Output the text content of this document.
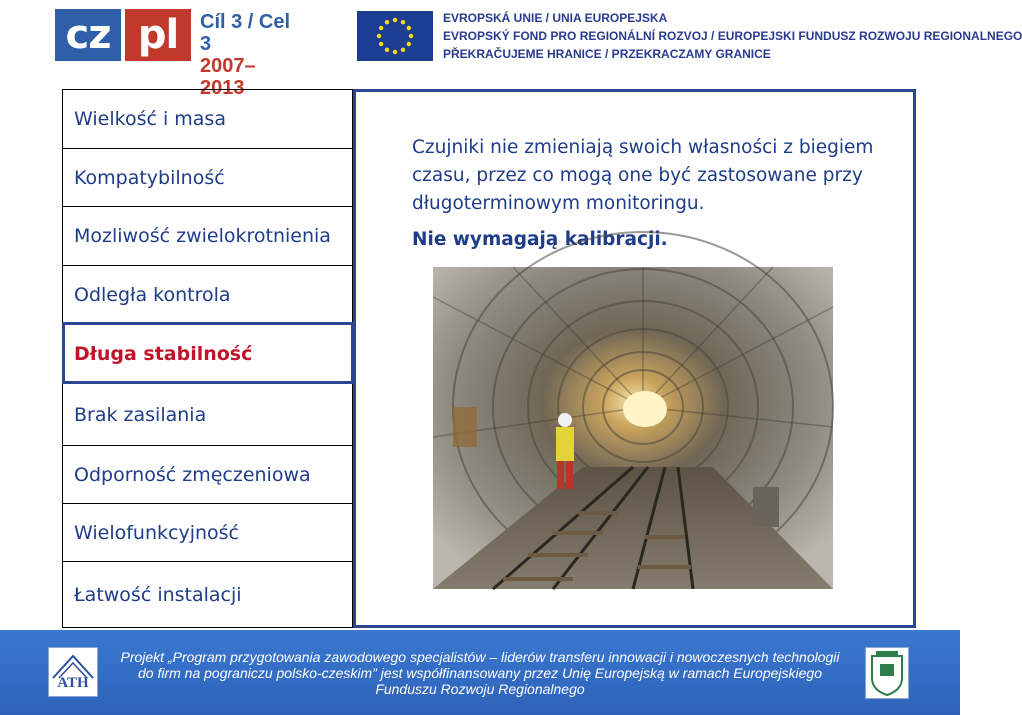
cz pl	Cíl 3 / Cel 3
2007–2013
EVROPSKÁ UNIE / UNIA EUROPEJSKA
EVROPSKÝ FOND PRO REGIONÁLNÍ ROZVOJ / EUROPEJSKI FUNDUSZ ROZWOJU REGIONALNEGO
PŘEKRAČUJEME HRANICE / PRZEKRACZAMY GRANICE
Wielkość i masa
Kompatybilność
Mozliwość zwielokrotnienia
Odległa kontrola
Długa stabilność
Brak zasilania
Odporność zmęczeniowa
Wielofunkcyjność
Łatwość instalacji
Czujniki nie zmieniają swoich własności z biegiem
czasu, przez co mogą one być zastosowane przy
długoterminowym monitoringu.
Nie wymagają kalibracji.
ATH
Projekt „Program przygotowania zawodowego specjalistów – liderów transferu innowacji i nowoczesnych technologii
do firm na pograniczu polsko-czeskim” jest współfinansowany przez Unię Europejską w ramach Europejskiego
Funduszu Rozwoju Regionalnego
